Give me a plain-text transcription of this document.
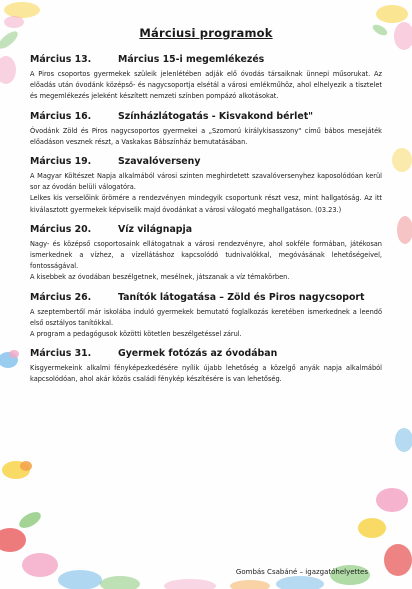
Márciusi programok
Március 13.	Március 15-i megemlékezés

A Piros csoportos gyermekek szüleik jelenlétében adják elő óvodás társaiknak ünnepi műsorukat. Az előadás után óvodánk középső- és nagycsoportja elsétál a városi emlékműhöz, ahol elhelyezik a tisztelet és megemlékezés jeleként készített nemzeti színben pompázó alkotásokat.

Március 16.	Színházlátogatás - Kisvakond bérlet"

Óvodánk Zöld és Piros nagycsoportos gyermekei a „Szomorú királykisasszony" című bábos mesejáték előadáson vesznek részt, a Vaskakas Bábszínház bemutatásában.

Március 19.	Szavalóverseny

A Magyar Költészet Napja alkalmából városi szinten meghirdetett szavalóversenyhez kaposolódóan kerül sor az óvodán belüli válogatóra.

Lelkes kis verselőink örömére a rendezvényen mindegyik csoportunk részt vesz, mint hallgatóság. Az itt kiválasztott gyermekek képviselik majd óvodánkat a városi válogató meghallgatáson. (03.23.)

Március 20.	Víz világnapja

Nagy- és középső csoportosaink ellátogatnak a városi rendezvényre, ahol sokféle formában, játékosan ismerkednek a vízhez, a vízellátáshoz kapcsolódó tudnivalókkal, megóvásának lehetőségeivel, fontosságával.

A kisebbek az óvodában beszélgetnek, mesélnek, játszanak a víz témakörben.

Március 26.	Tanítók látogatása – Zöld és Piros nagycsoport

A szeptembertől már iskolába induló gyermekek bemutató foglalkozás keretében ismerkednek a leendő első osztályos tanítókkal.

A program a pedagógusok közötti kötetlen beszélgetéssel zárul.

Március 31.	Gyermek fotózás az óvodában

Kisgyermekeink alkalmi fényképezkedésére nyílik újabb lehetőség a közelgő anyák napja alkalmából kapcsolódóan, ahol akár közös családi fénykép készítésére is van lehetőség.

Gombás Csabáné – igazgatóhelyettes
